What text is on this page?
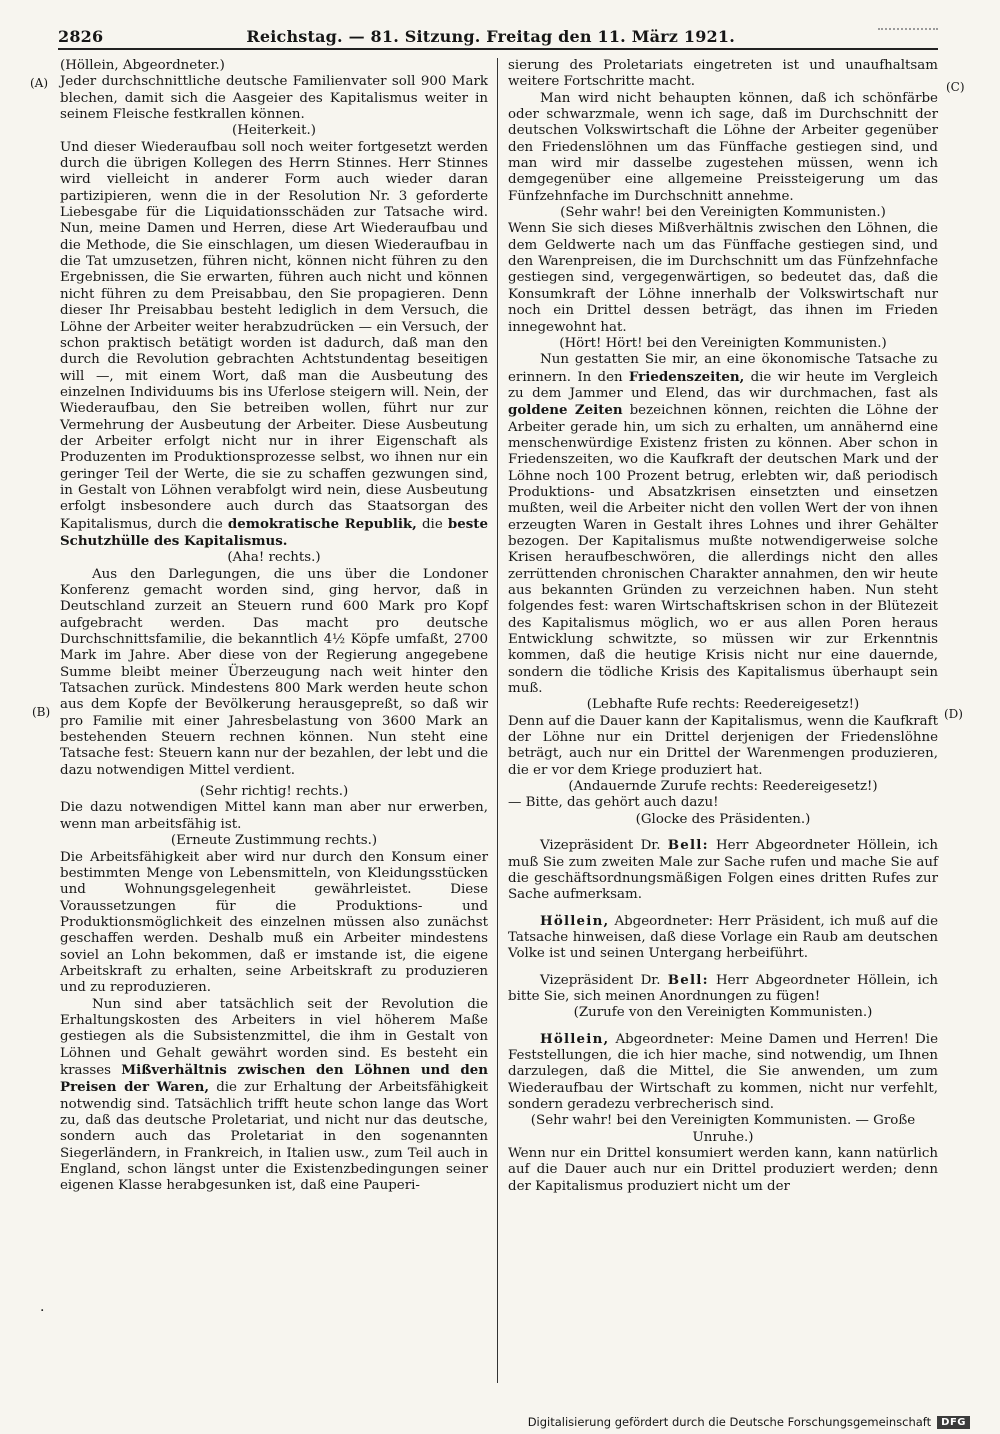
2826	Reichstag. — 81. Sitzung. Freitag den 11. März 1921.
(A)
(B)
(C)
(D)

(Höllein, Abgeordneter.)

Jeder durchschnittliche deutsche Familienvater soll 900 Mark blechen, damit sich die Aasgeier des Kapitalismus weiter in seinem Fleische festkrallen können.

(Heiterkeit.)

Und dieser Wiederaufbau soll noch weiter fortgesetzt werden durch die übrigen Kollegen des Herrn Stinnes. Herr Stinnes wird vielleicht in anderer Form auch wieder daran partizipieren, wenn die in der Resolution Nr. 3 geforderte Liebesgabe für die Liquidationsschäden zur Tatsache wird. Nun, meine Damen und Herren, diese Art Wiederaufbau und die Methode, die Sie einschlagen, um diesen Wiederaufbau in die Tat umzusetzen, führen nicht, können nicht führen zu den Ergebnissen, die Sie erwarten, führen auch nicht und können nicht führen zu dem Preisabbau, den Sie propagieren. Denn dieser Ihr Preisabbau besteht lediglich in dem Versuch, die Löhne der Arbeiter weiter herabzudrücken — ein Versuch, der schon praktisch betätigt worden ist dadurch, daß man den durch die Revolution gebrachten Achtstundentag beseitigen will —, mit einem Wort, daß man die Ausbeutung des einzelnen Individuums bis ins Uferlose steigern will. Nein, der Wiederaufbau, den Sie betreiben wollen, führt nur zur Vermehrung der Ausbeutung der Arbeiter. Diese Ausbeutung der Arbeiter erfolgt nicht nur in ihrer Eigenschaft als Produzenten im Produktionsprozesse selbst, wo ihnen nur ein geringer Teil der Werte, die sie zu schaffen gezwungen sind, in Gestalt von Löhnen verabfolgt wird nein, diese Ausbeutung erfolgt insbesondere auch durch das Staatsorgan des Kapitalismus, durch die demokratische Republik, die beste Schutzhülle des Kapitalismus.

(Aha! rechts.)

Aus den Darlegungen, die uns über die Londoner Konferenz gemacht worden sind, ging hervor, daß in Deutschland zurzeit an Steuern rund 600 Mark pro Kopf aufgebracht werden. Das macht pro deutsche Durchschnittsfamilie, die bekanntlich 4½ Köpfe umfaßt, 2700 Mark im Jahre. Aber diese von der Regierung angegebene Summe bleibt meiner Überzeugung nach weit hinter den Tatsachen zurück. Mindestens 800 Mark werden heute schon aus dem Kopfe der Bevölkerung herausgepreßt, so daß wir pro Familie mit einer Jahresbelastung von 3600 Mark an bestehenden Steuern rechnen können. Nun steht eine Tatsache fest: Steuern kann nur der bezahlen, der lebt und die dazu notwendigen Mittel verdient.

(Sehr richtig! rechts.)

Die dazu notwendigen Mittel kann man aber nur erwerben, wenn man arbeitsfähig ist.

(Erneute Zustimmung rechts.)

Die Arbeitsfähigkeit aber wird nur durch den Konsum einer bestimmten Menge von Lebensmitteln, von Kleidungsstücken und Wohnungsgelegenheit gewährleistet. Diese Voraussetzungen für die Produktions- und Produktionsmöglichkeit des einzelnen müssen also zunächst geschaffen werden. Deshalb muß ein Arbeiter mindestens soviel an Lohn bekommen, daß er imstande ist, die eigene Arbeitskraft zu erhalten, seine Arbeitskraft zu produzieren und zu reproduzieren.

Nun sind aber tatsächlich seit der Revolution die Erhaltungskosten des Arbeiters in viel höherem Maße gestiegen als die Subsistenzmittel, die ihm in Gestalt von Löhnen und Gehalt gewährt worden sind. Es besteht ein krasses Mißverhältnis zwischen den Löhnen und den Preisen der Waren, die zur Erhaltung der Arbeitsfähigkeit notwendig sind. Tatsächlich trifft heute schon lange das Wort zu, daß das deutsche Proletariat, und nicht nur das deutsche, sondern auch das Proletariat in den sogenannten Siegerländern, in Frankreich, in Italien usw., zum Teil auch in England, schon längst unter die Existenzbedingungen seiner eigenen Klasse herabgesunken ist, daß eine Pauperi-

sierung des Proletariats eingetreten ist und unaufhaltsam weitere Fortschritte macht.

Man wird nicht behaupten können, daß ich schönfärbe oder schwarzmale, wenn ich sage, daß im Durchschnitt der deutschen Volkswirtschaft die Löhne der Arbeiter gegenüber den Friedenslöhnen um das Fünffache gestiegen sind, und man wird mir dasselbe zugestehen müssen, wenn ich demgegenüber eine allgemeine Preissteigerung um das Fünfzehnfache im Durchschnitt annehme.

(Sehr wahr! bei den Vereinigten Kommunisten.)

Wenn Sie sich dieses Mißverhältnis zwischen den Löhnen, die dem Geldwerte nach um das Fünffache gestiegen sind, und den Warenpreisen, die im Durchschnitt um das Fünfzehnfache gestiegen sind, vergegenwärtigen, so bedeutet das, daß die Konsumkraft der Löhne innerhalb der Volkswirtschaft nur noch ein Drittel dessen beträgt, das ihnen im Frieden innegewohnt hat.

(Hört! Hört! bei den Vereinigten Kommunisten.)

Nun gestatten Sie mir, an eine ökonomische Tatsache zu erinnern. In den Friedenszeiten, die wir heute im Vergleich zu dem Jammer und Elend, das wir durchmachen, fast als goldene Zeiten bezeichnen können, reichten die Löhne der Arbeiter gerade hin, um sich zu erhalten, um annähernd eine menschenwürdige Existenz fristen zu können. Aber schon in Friedenszeiten, wo die Kaufkraft der deutschen Mark und der Löhne noch 100 Prozent betrug, erlebten wir, daß periodisch Produktions- und Absatzkrisen einsetzten und einsetzen mußten, weil die Arbeiter nicht den vollen Wert der von ihnen erzeugten Waren in Gestalt ihres Lohnes und ihrer Gehälter bezogen. Der Kapitalismus mußte notwendigerweise solche Krisen heraufbeschwören, die allerdings nicht den alles zerrüttenden chronischen Charakter annahmen, den wir heute aus bekannten Gründen zu verzeichnen haben. Nun steht folgendes fest: waren Wirtschaftskrisen schon in der Blütezeit des Kapitalismus möglich, wo er aus allen Poren heraus Entwicklung schwitzte, so müssen wir zur Erkenntnis kommen, daß die heutige Krisis nicht nur eine dauernde, sondern die tödliche Krisis des Kapitalismus überhaupt sein muß.

(Lebhafte Rufe rechts: Reedereigesetz!)

Denn auf die Dauer kann der Kapitalismus, wenn die Kaufkraft der Löhne nur ein Drittel derjenigen der Friedenslöhne beträgt, auch nur ein Drittel der Warenmengen produzieren, die er vor dem Kriege produziert hat.

(Andauernde Zurufe rechts: Reedereigesetz!)

— Bitte, das gehört auch dazu!

(Glocke des Präsidenten.)

Vizepräsident Dr. Bell: Herr Abgeordneter Höllein, ich muß Sie zum zweiten Male zur Sache rufen und mache Sie auf die geschäftsordnungsmäßigen Folgen eines dritten Rufes zur Sache aufmerksam.

Höllein, Abgeordneter: Herr Präsident, ich muß auf die Tatsache hinweisen, daß diese Vorlage ein Raub am deutschen Volke ist und seinen Untergang herbeiführt.

Vizepräsident Dr. Bell: Herr Abgeordneter Höllein, ich bitte Sie, sich meinen Anordnungen zu fügen!

(Zurufe von den Vereinigten Kommunisten.)

Höllein, Abgeordneter: Meine Damen und Herren! Die Feststellungen, die ich hier mache, sind notwendig, um Ihnen darzulegen, daß die Mittel, die Sie anwenden, um zum Wiederaufbau der Wirtschaft zu kommen, nicht nur verfehlt, sondern geradezu verbrecherisch sind.

(Sehr wahr! bei den Vereinigten Kommunisten. — Große Unruhe.)

Wenn nur ein Drittel konsumiert werden kann, kann natürlich auf die Dauer auch nur ein Drittel produziert werden; denn der Kapitalismus produziert nicht um der

·
Digitalisierung gefördert durch die Deutsche Forschungsgemeinschaft	DFG
